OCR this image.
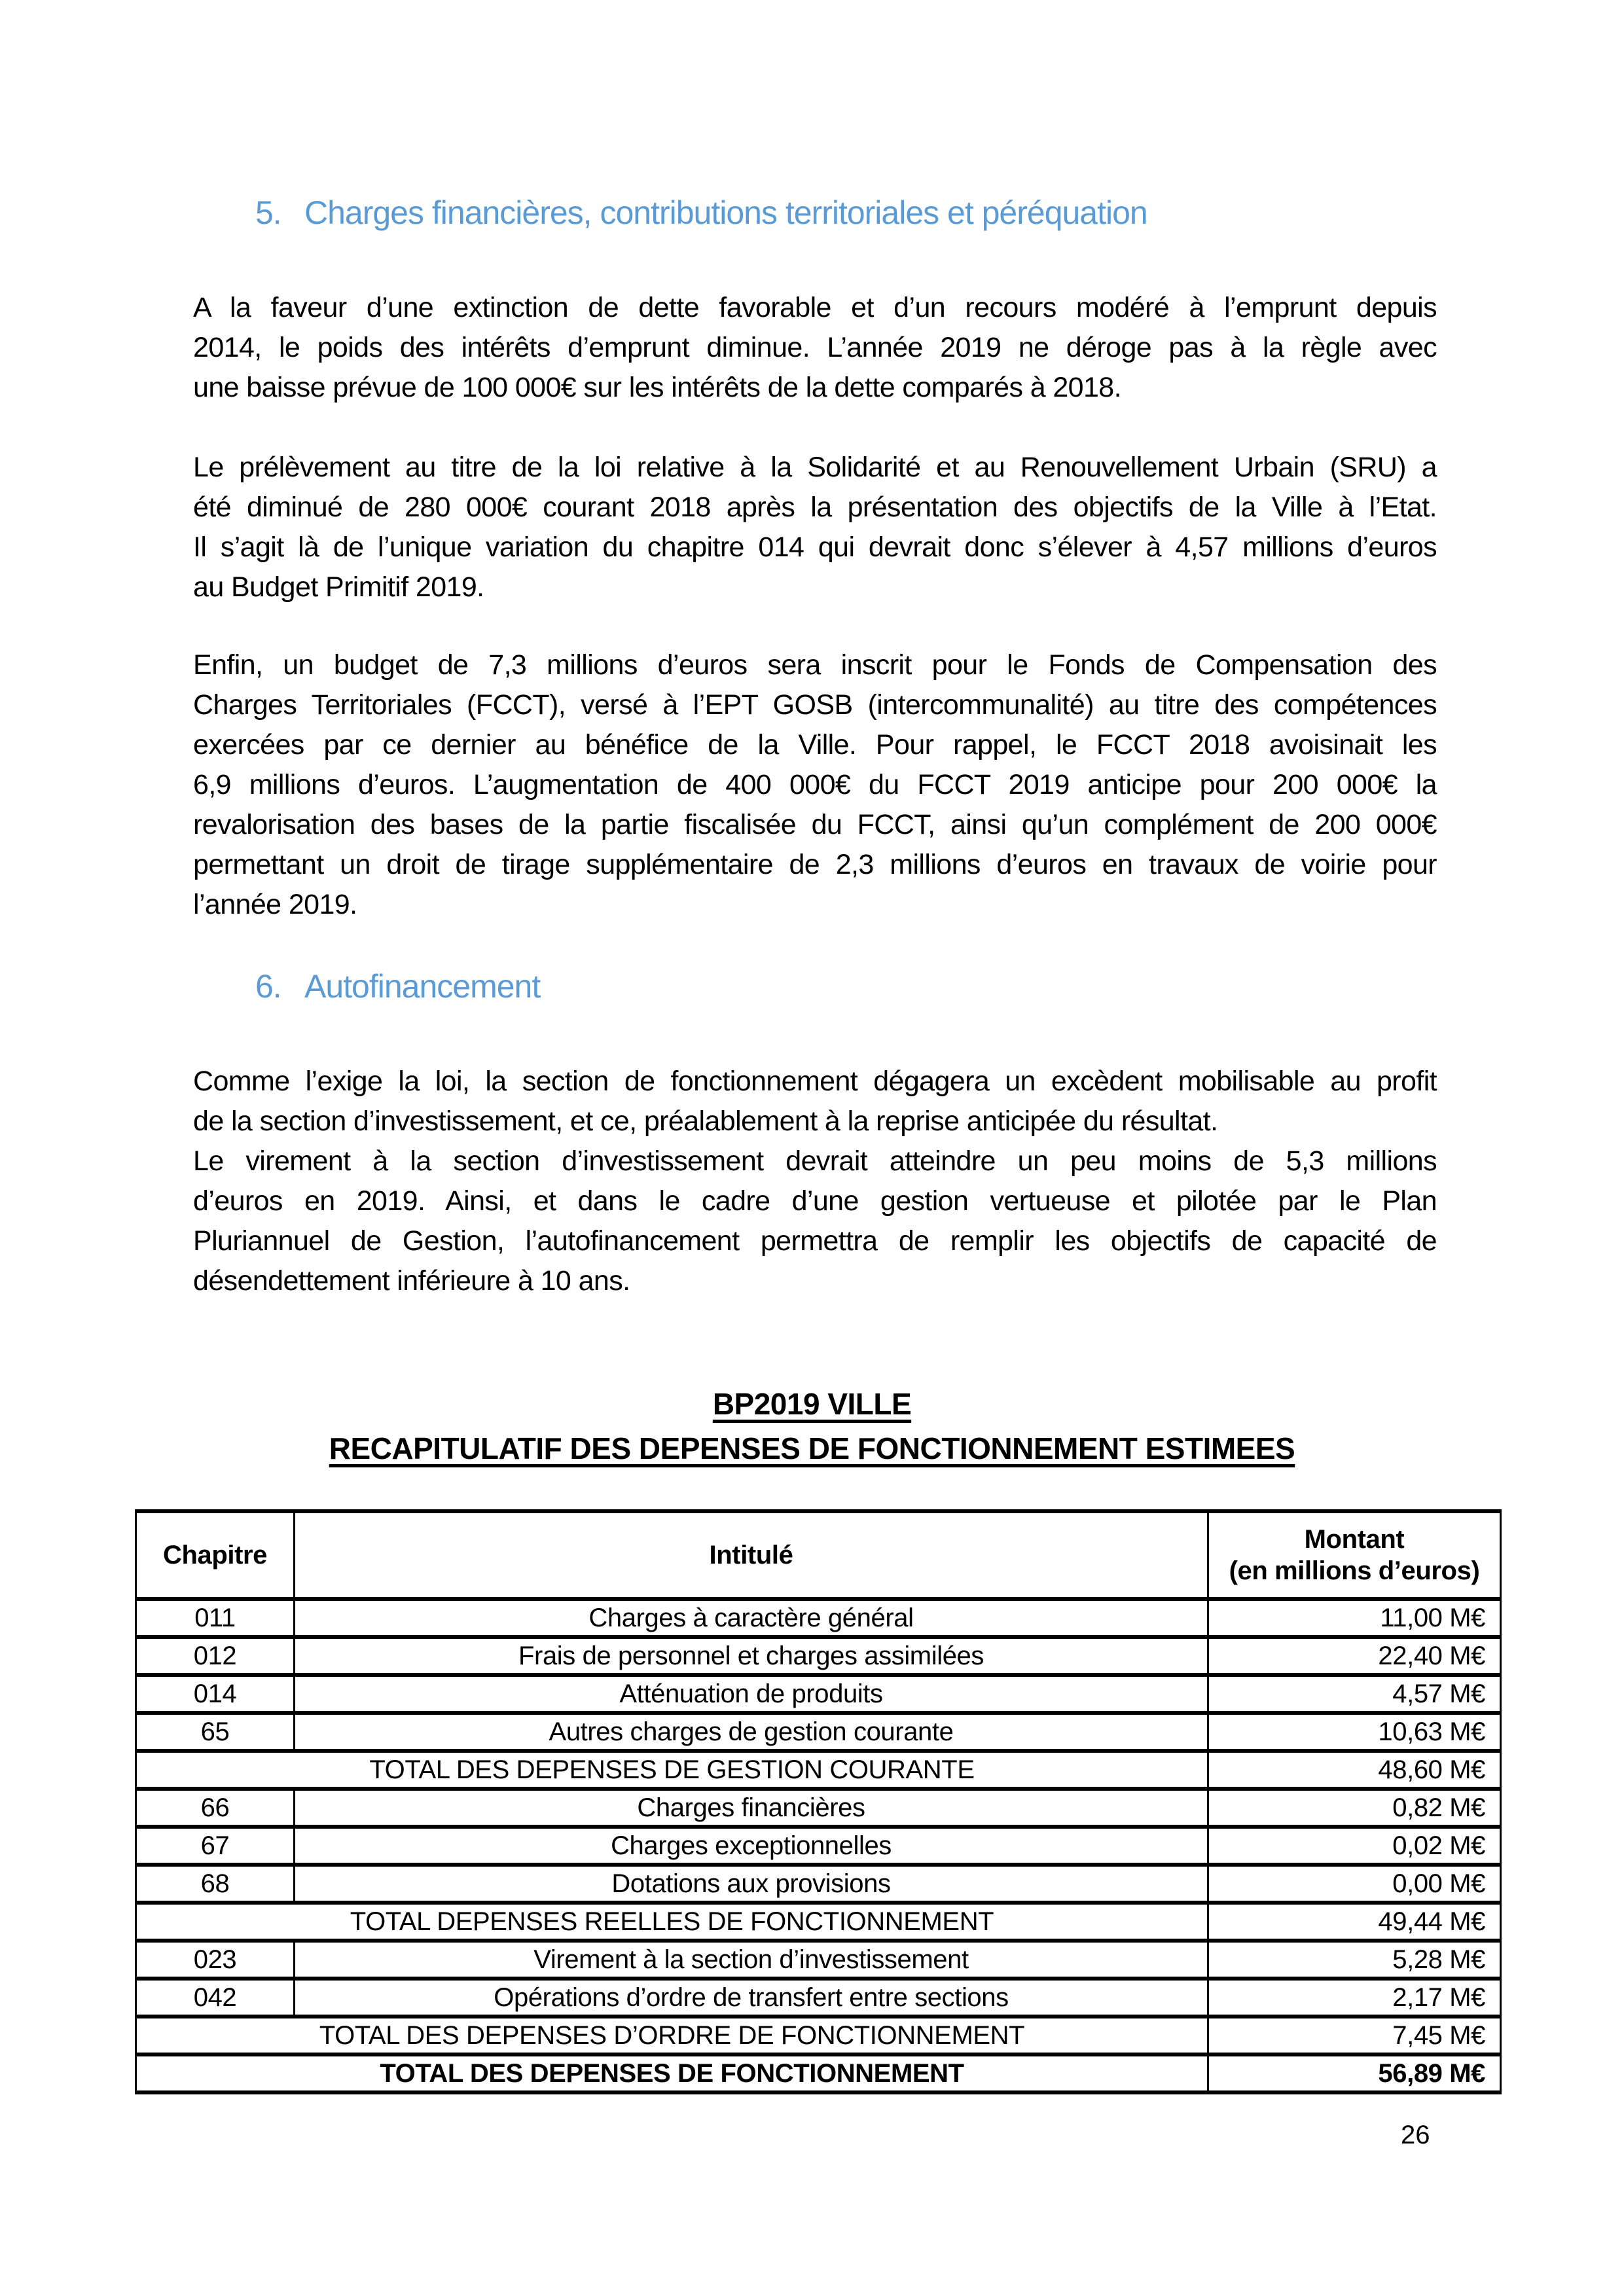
5. Charges financières, contributions territoriales et péréquation

A la faveur d’une extinction de dette favorable et d’un recours modéré à l’emprunt depuis
2014, le poids des intérêts d’emprunt diminue. L’année 2019 ne déroge pas à la règle avec
une baisse prévue de 100 000€ sur les intérêts de la dette comparés à 2018.

Le prélèvement au titre de la loi relative à la Solidarité et au Renouvellement Urbain (SRU) a
été diminué de 280 000€ courant 2018 après la présentation des objectifs de la Ville à l’Etat.
Il s’agit là de l’unique variation du chapitre 014 qui devrait donc s’élever à 4,57 millions d’euros
au Budget Primitif 2019.

Enfin, un budget de 7,3 millions d’euros sera inscrit pour le Fonds de Compensation des
Charges Territoriales (FCCT), versé à l’EPT GOSB (intercommunalité) au titre des compétences
exercées par ce dernier au bénéfice de la Ville. Pour rappel, le FCCT 2018 avoisinait les
6,9 millions d’euros. L’augmentation de 400 000€ du FCCT 2019 anticipe pour 200 000€ la
revalorisation des bases de la partie fiscalisée du FCCT, ainsi qu’un complément de 200 000€
permettant un droit de tirage supplémentaire de 2,3 millions d’euros en travaux de voirie pour
l’année 2019.

6. Autofinancement

Comme l’exige la loi, la section de fonctionnement dégagera un excèdent mobilisable au profit
de la section d’investissement, et ce, préalablement à la reprise anticipée du résultat.
Le virement à la section d’investissement devrait atteindre un peu moins de 5,3 millions
d’euros en 2019. Ainsi, et dans le cadre d’une gestion vertueuse et pilotée par le Plan
Pluriannuel de Gestion, l’autofinancement permettra de remplir les objectifs de capacité de
désendettement inférieure à 10 ans.

BP2019 VILLE

RECAPITULATIF DES DEPENSES DE FONCTIONNEMENT ESTIMEES

Chapitre	Intitulé	Montant
(en millions d’euros)

011	Charges à caractère général	11,00 M€
012	Frais de personnel et charges assimilées	22,40 M€
014	Atténuation de produits	4,57 M€
65	Autres charges de gestion courante	10,63 M€
TOTAL DES DEPENSES DE GESTION COURANTE		48,60 M€
66	Charges financières	0,82 M€
67	Charges exceptionnelles	0,02 M€
68	Dotations aux provisions	0,00 M€
TOTAL DEPENSES REELLES DE FONCTIONNEMENT		49,44 M€
023	Virement à la section d’investissement	5,28 M€
042	Opérations d’ordre de transfert entre sections	2,17 M€
TOTAL DES DEPENSES D’ORDRE DE FONCTIONNEMENT		7,45 M€
TOTAL DES DEPENSES DE FONCTIONNEMENT		56,89 M€

26
